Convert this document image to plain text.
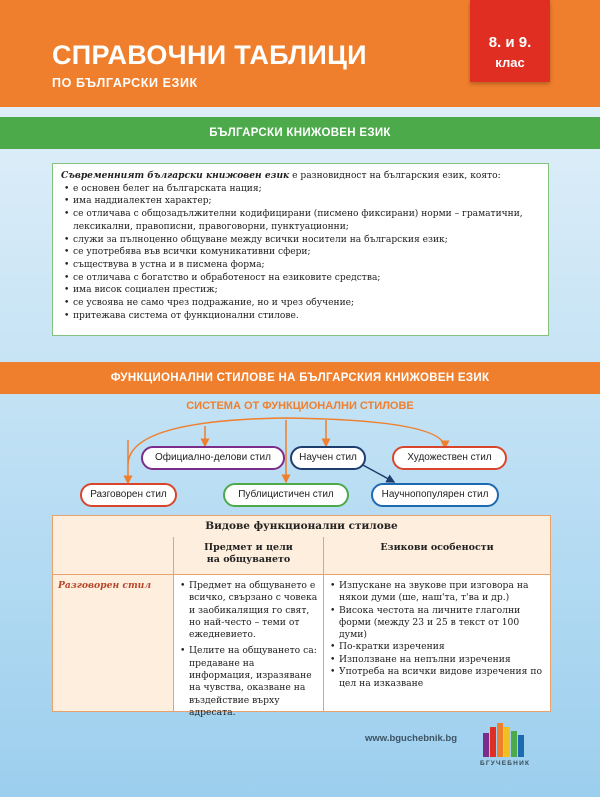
СПРАВОЧНИ ТАБЛИЦИ
ПО БЪЛГАРСКИ ЕЗИК
8. и 9.
клас
БЪЛГАРСКИ КНИЖОВЕН ЕЗИК
Съвременният български книжовен език е разновидност на българския език, която:
• е основен белег на българската нация;
• има наддиалектен характер;
• се отличава с общозадължителни кодифицирани (писмено фиксирани) норми – граматични, лексикални, правописни, правоговорни, пунктуационни;
• служи за пълноценно общуване между всички носители на българския език;
• се употребява във всички комуникативни сфери;
• съществува в устна и в писмена форма;
• се отличава с богатство и обработеност на езиковите средства;
• има висок социален престиж;
• се усвоява не само чрез подражание, но и чрез обучение;
• притежава система от функционални стилове.
ФУНКЦИОНАЛНИ СТИЛОВЕ НА БЪЛГАРСКИЯ КНИЖОВЕН ЕЗИК
СИСТЕМА ОТ ФУНКЦИОНАЛНИ СТИЛОВЕ
Официално-делови стил	Научен стил	Художествен стил
Разговорен стил	Публицистичен стил	Научнопопулярен стил
Видове функционални стилове
Предмет и цели
на общуването
Езикови особености
Разговорен стил
•	Предмет на общуването е всичко, свързано с човека и заобикалящия го свят, но най-често – теми от ежедневието.
• Целите на общуването са: предаване на информация, изразяване на чувства, оказване на въздействие върху адресата.
• Изпускане на звукове при изговора на някои думи (ше, наш'та, т'ва и др.)
• Висока честота на личните глаголни форми (между 23 и 25 в текст от 100 думи)
• По-кратки изречения
• Използване на непълни изречения
• Употреба на всички видове изречения по цел на изказване
www.bguchebnik.bg
БГУЧЕБНИК
